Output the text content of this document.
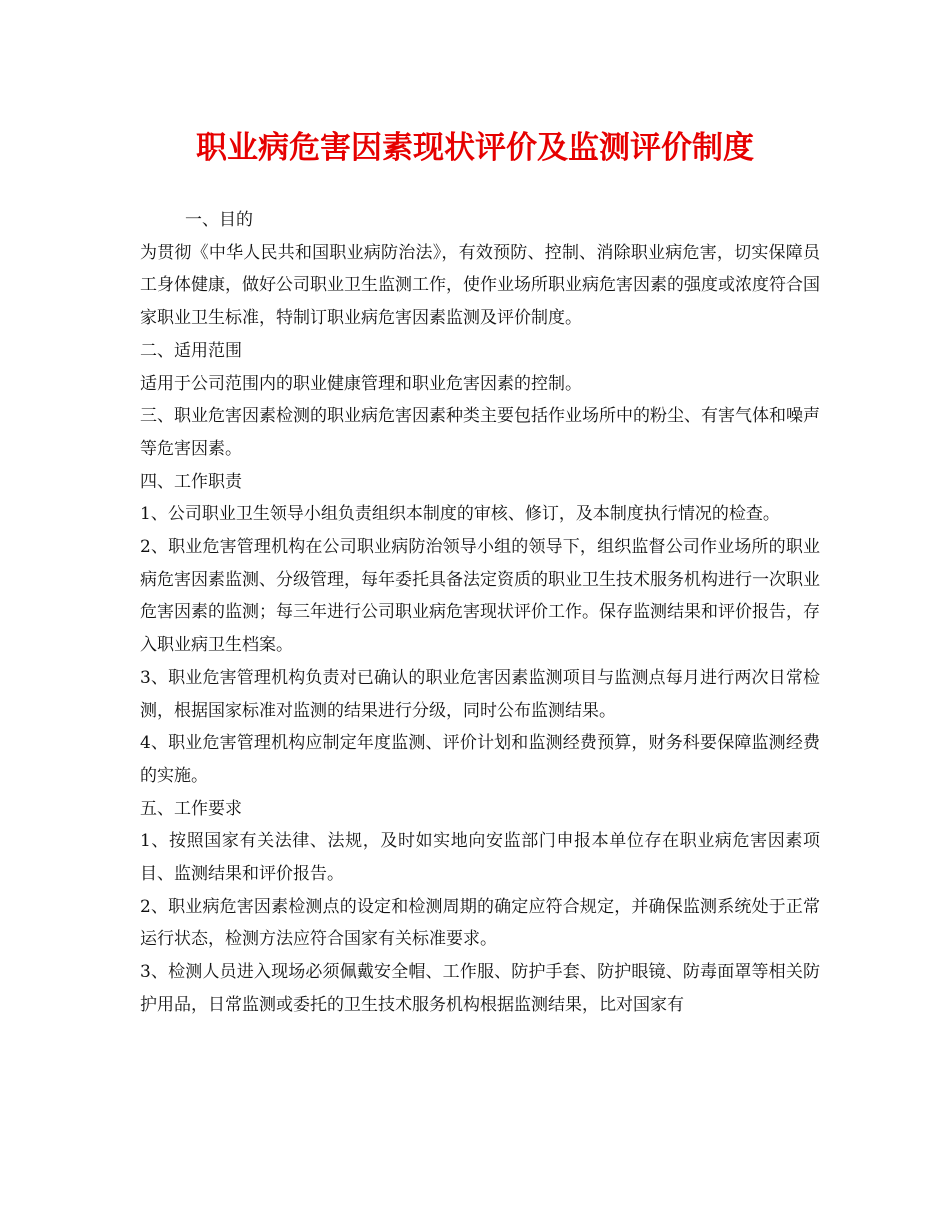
职业病危害因素现状评价及监测评价制度

一、目的

为贯彻《中华人民共和国职业病防治法》，有效预防、控制、消除职业病危害，切实保障员工身体健康，做好公司职业卫生监测工作，使作业场所职业病危害因素的强度或浓度符合国家职业卫生标准，特制订职业病危害因素监测及评价制度。

二、适用范围

适用于公司范围内的职业健康管理和职业危害因素的控制。

三、职业危害因素检测的职业病危害因素种类主要包括作业场所中的粉尘、有害气体和噪声等危害因素。

四、工作职责

1、公司职业卫生领导小组负责组织本制度的审核、修订，及本制度执行情况的检查。

2、职业危害管理机构在公司职业病防治领导小组的领导下，组织监督公司作业场所的职业病危害因素监测、分级管理，每年委托具备法定资质的职业卫生技术服务机构进行一次职业危害因素的监测；每三年进行公司职业病危害现状评价工作。保存监测结果和评价报告，存入职业病卫生档案。

3、职业危害管理机构负责对已确认的职业危害因素监测项目与监测点每月进行两次日常检测，根据国家标准对监测的结果进行分级，同时公布监测结果。

4、职业危害管理机构应制定年度监测、评价计划和监测经费预算，财务科要保障监测经费的实施。

五、工作要求

1、按照国家有关法律、法规，及时如实地向安监部门申报本单位存在职业病危害因素项目、监测结果和评价报告。

2、职业病危害因素检测点的设定和检测周期的确定应符合规定，并确保监测系统处于正常运行状态，检测方法应符合国家有关标准要求。

3、检测人员进入现场必须佩戴安全帽、工作服、防护手套、防护眼镜、防毒面罩等相关防护用品，日常监测或委托的卫生技术服务机构根据监测结果，比对国家有
